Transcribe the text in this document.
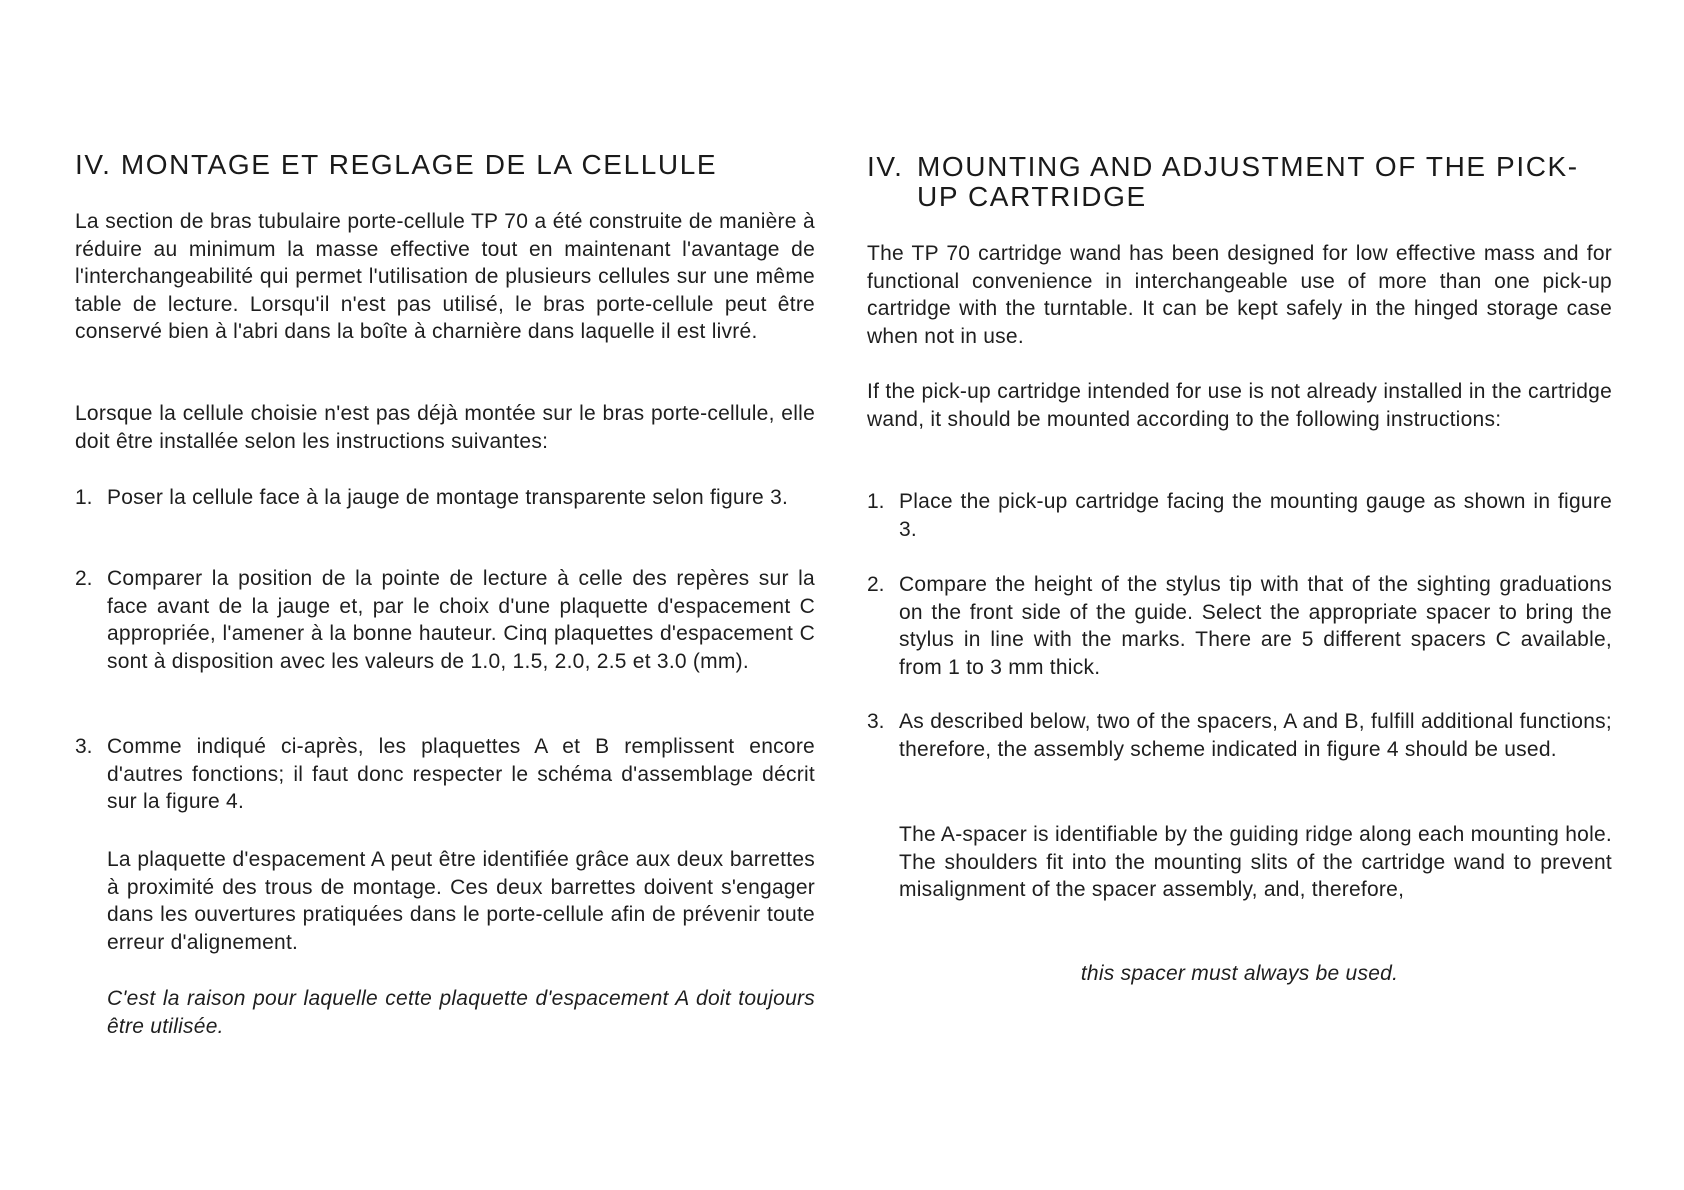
IV. MONTAGE ET REGLAGE DE LA CELLULE

La section de bras tubulaire porte-cellule TP 70 a été construite de manière à réduire au minimum la masse effective tout en maintenant l'avantage de l'interchangeabilité qui permet l'utilisation de plusieurs cellules sur une même table de lecture. Lorsqu'il n'est pas utilisé, le bras porte-cellule peut être conservé bien à l'abri dans la boîte à charnière dans laquelle il est livré.

Lorsque la cellule choisie n'est pas déjà montée sur le bras porte-cellule, elle doit être installée selon les instructions suivantes:

1. Poser la cellule face à la jauge de montage transparente selon figure 3.
2. Comparer la position de la pointe de lecture à celle des repères sur la face avant de la jauge et, par le choix d'une plaquette d'espacement C appropriée, l'amener à la bonne hauteur. Cinq plaquettes d'espacement C sont à disposition avec les valeurs de 1.0, 1.5, 2.0, 2.5 et 3.0 (mm).
3. Comme indiqué ci-après, les plaquettes A et B remplissent encore d'autres fonctions; il faut donc respecter le schéma d'assemblage décrit sur la figure 4.

La plaquette d'espacement A peut être identifiée grâce aux deux barrettes à proximité des trous de montage. Ces deux barrettes doivent s'engager dans les ouvertures pratiquées dans le porte-cellule afin de prévenir toute erreur d'alignement.

C'est la raison pour laquelle cette plaquette d'espacement A doit toujours être utilisée.

IV. MOUNTING AND ADJUSTMENT OF THE PICK-
UP CARTRIDGE

The TP 70 cartridge wand has been designed for low effective mass and for functional convenience in interchangeable use of more than one pick-up cartridge with the turntable. It can be kept safely in the hinged storage case when not in use.

If the pick-up cartridge intended for use is not already installed in the cartridge wand, it should be mounted according to the following instructions:

1. Place the pick-up cartridge facing the mounting gauge as shown in figure 3.
2. Compare the height of the stylus tip with that of the sighting graduations on the front side of the guide. Select the appropriate spacer to bring the stylus in line with the marks. There are 5 different spacers C available, from 1 to 3 mm thick.
3. As described below, two of the spacers, A and B, fulfill additional functions; therefore, the assembly scheme indicated in figure 4 should be used.

The A-spacer is identifiable by the guiding ridge along each mounting hole. The shoulders fit into the mounting slits of the cartridge wand to prevent misalignment of the spacer assembly, and, therefore,

this spacer must always be used.
